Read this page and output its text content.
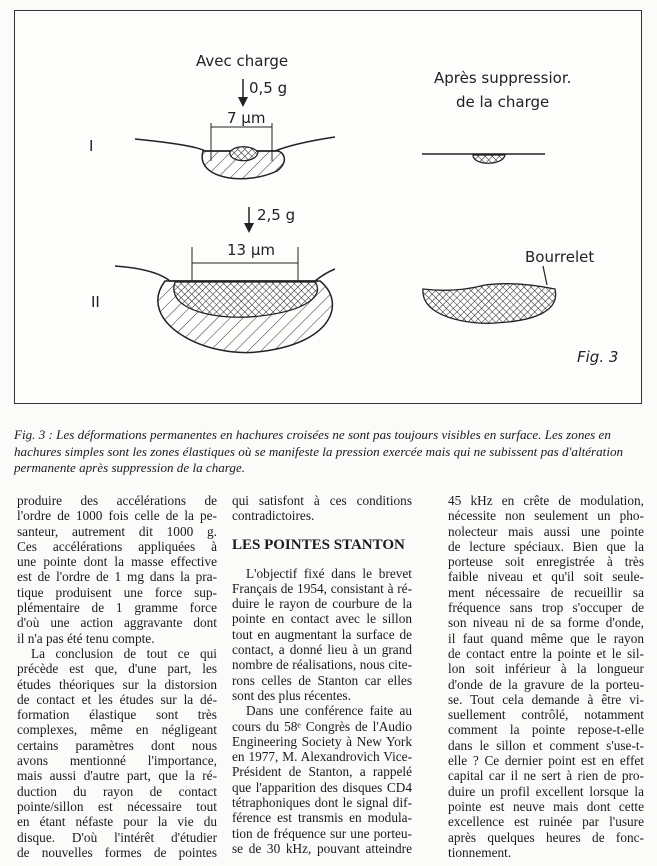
Avec charge
Après suppressior.
de la charge
I
II
0,5 g
7 µm
2,5 g
13 µm	Bourrelet
Fig. 3
Fig. 3 : Les déformations permanentes en hachures croisées ne sont pas toujours visibles en surface. Les zones en hachures simples sont les zones élastiques où se manifeste la pression exercée mais qui ne subissent pas d'altération permanente après suppression de la charge.
produire des accélérations de
l'ordre de 1000 fois celle de la pe-
santeur, autrement dit 1000 g.
Ces accélérations appliquées à
une pointe dont la masse effective
est de l'ordre de 1 mg dans la pra-
tique produisent une force sup-
plémentaire de 1 gramme force
d'où une action aggravante dont
il n'a pas été tenu compte.
La conclusion de tout ce qui
précède est que, d'une part, les
études théoriques sur la distorsion
de contact et les études sur la dé-
formation élastique sont très
complexes, même en négligeant
certains paramètres dont nous
avons mentionné l'importance,
mais aussi d'autre part, que la ré-
duction du rayon de contact
pointe/sillon est nécessaire tout
en étant néfaste pour la vie du
disque. D'où l'intérêt d'étudier
de nouvelles formes de pointes
qui satisfont à ces conditions
contradictoires.
LES POINTES STANTON
L'objectif fixé dans le brevet
Français de 1954, consistant à ré-
duire le rayon de courbure de la
pointe en contact avec le sillon
tout en augmentant la surface de
contact, a donné lieu à un grand
nombre de réalisations, nous cite-
rons celles de Stanton car elles
sont des plus récentes.
Dans une conférence faite au
cours du 58ᵉ Congrès de l'Audio
Engineering Society à New York
en 1977, M. Alexandrovich Vice-
Président de Stanton, a rappelé
que l'apparition des disques CD4
tétraphoniques dont le signal dif-
férence est transmis en modula-
tion de fréquence sur une porteu-
se de 30 kHz, pouvant atteindre
45 kHz en crête de modulation,
nécessite non seulement un pho-
nolecteur mais aussi une pointe
de lecture spéciaux. Bien que la
porteuse soit enregistrée à très
faible niveau et qu'il soit seule-
ment nécessaire de recueillir sa
fréquence sans trop s'occuper de
son niveau ni de sa forme d'onde,
il faut quand même que le rayon
de contact entre la pointe et le sil-
lon soit inférieur à la longueur
d'onde de la gravure de la porteu-
se. Tout cela demande à être vi-
suellement contrôlé, notamment
comment la pointe repose-t-elle
dans le sillon et comment s'use-t-
elle ? Ce dernier point est en effet
capital car il ne sert à rien de pro-
duire un profil excellent lorsque la
pointe est neuve mais dont cette
excellence est ruinée par l'usure
après quelques heures de fonc-
tionnement.
